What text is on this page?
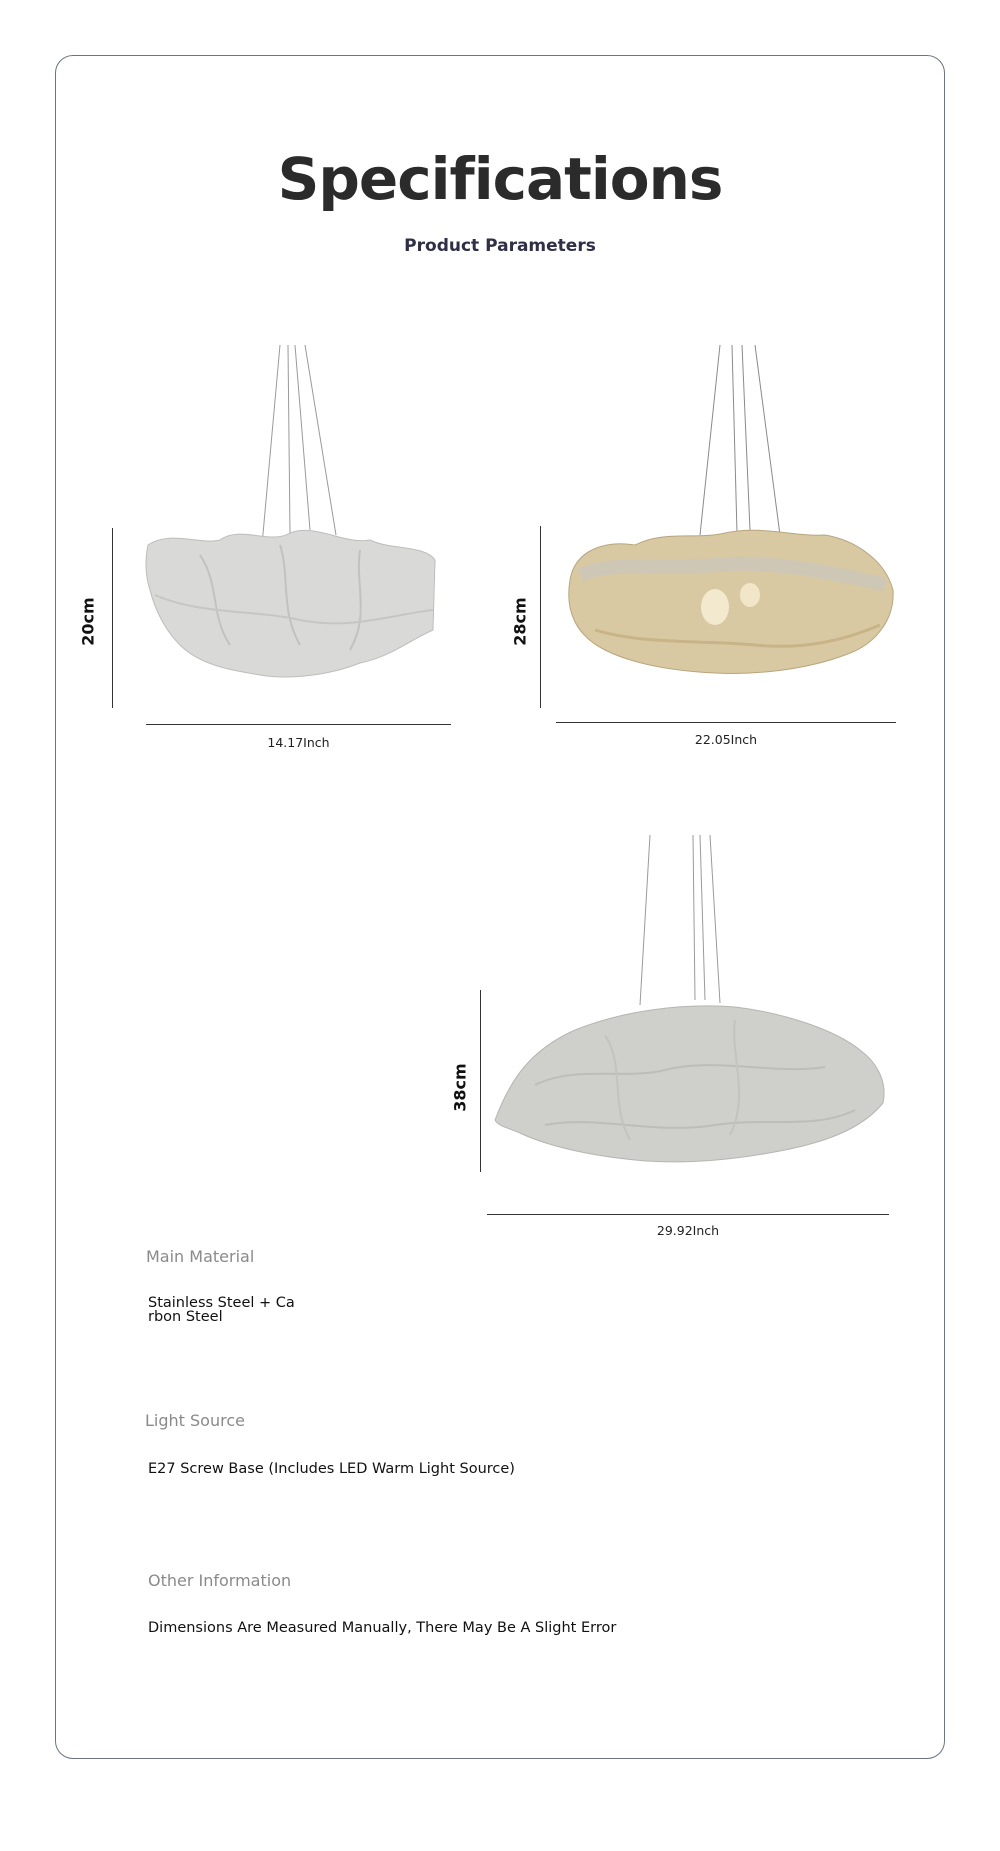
Specifications
Product Parameters
20cm
14.17Inch
28cm
22.05Inch
38cm
29.92Inch
Main Material
Stainless Steel + Ca
rbon Steel
Light Source
E27 Screw Base (Includes LED Warm Light Source)
Other Information
Dimensions Are Measured Manually, There May Be A Slight Error
